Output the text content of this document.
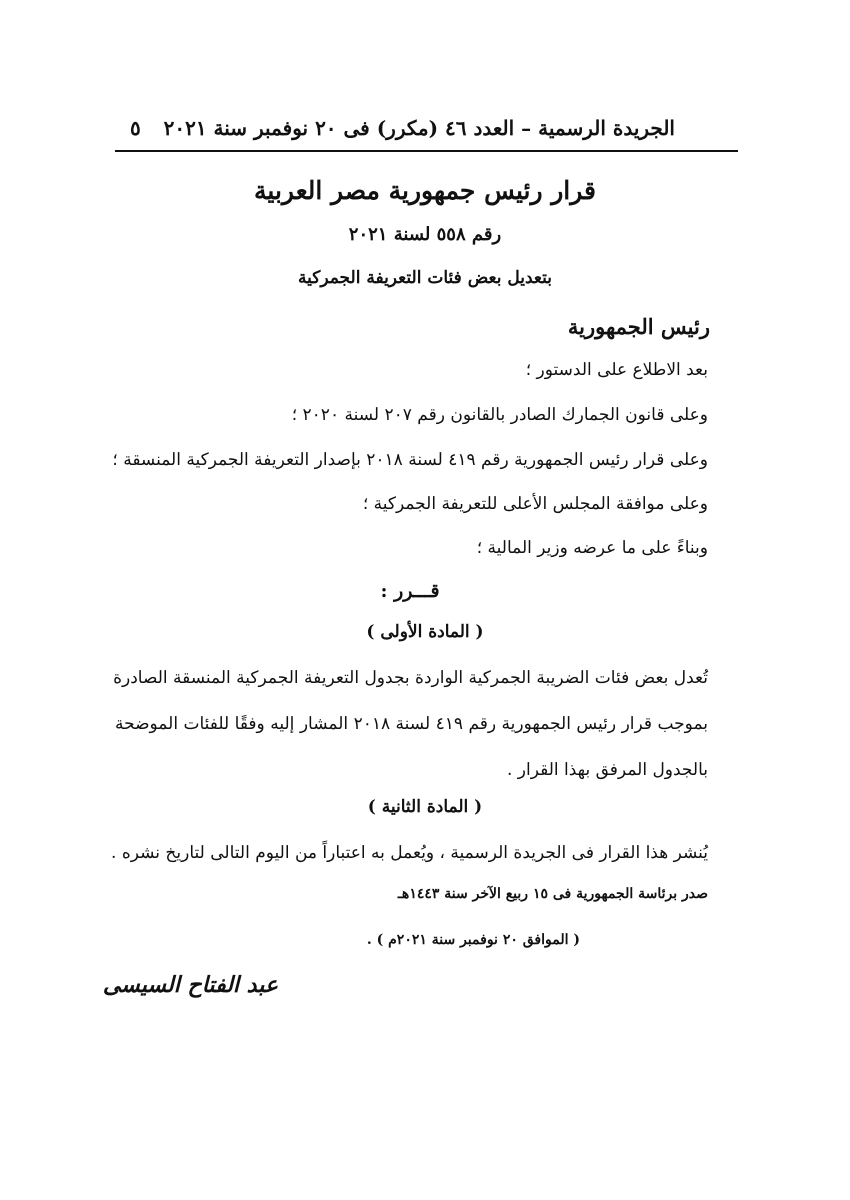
الجريدة الرسمية – العدد ٤٦ (مكرر) فى ٢٠ نوفمبر سنة ٢٠٢١
٥
قرار رئيس جمهورية مصر العربية
رقم ٥٥٨ لسنة ٢٠٢١
بتعديل بعض فئات التعريفة الجمركية
رئيس الجمهورية
بعد الاطلاع على الدستور ؛
وعلى قانون الجمارك الصادر بالقانون رقم ٢٠٧ لسنة ٢٠٢٠ ؛
وعلى قرار رئيس الجمهورية رقم ٤١٩ لسنة ٢٠١٨ بإصدار التعريفة الجمركية المنسقة ؛
وعلى موافقة المجلس الأعلى للتعريفة الجمركية ؛
وبناءً على ما عرضه وزير المالية ؛
قـــرر :
( المادة الأولى )
تُعدل بعض فئات الضريبة الجمركية الواردة بجدول التعريفة الجمركية المنسقة الصادرة
بموجب قرار رئيس الجمهورية رقم ٤١٩ لسنة ٢٠١٨ المشار إليه وفقًا للفئات الموضحة
بالجدول المرفق بهذا القرار .
( المادة الثانية )
يُنشر هذا القرار فى الجريدة الرسمية ، ويُعمل به اعتباراً من اليوم التالى لتاريخ نشره .
صدر برئاسة الجمهورية فى ١٥ ربيع الآخر سنة ١٤٤٣هـ
( الموافق ٢٠ نوفمبر سنة ٢٠٢١م ) .
عبد الفتاح السيسى
